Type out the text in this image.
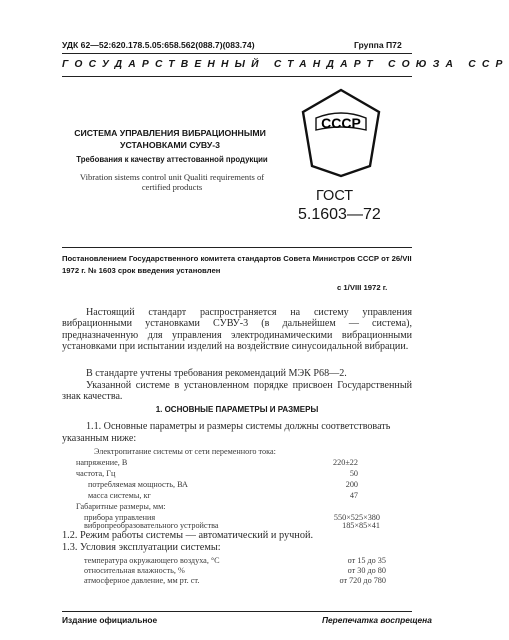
УДК 62—52:620.178.5.05:658.562(088.7)(083.74)	Группа П72
ГОСУДАРСТВЕННЫЙ СТАНДАРТ СОЮЗА ССР
СИСТЕМА УПРАВЛЕНИЯ ВИБРАЦИОННЫМИ УСТАНОВКАМИ СУВУ-3
Требования к качеству аттестованной продукции
Vibration sistems control unit Qualiti requirements of certified products
СССР
ГОСТ
5.1603—72
Постановлением Государственного комитета стандартов Совета Министров СССР от 26/VII 1972 г. № 1603 срок введения установлен
с 1/VIII 1972 г.
Настоящий стандарт распространяется на систему управления вибрационными установками СУВУ-3 (в дальнейшем — система), предназначенную для управления электродинамическими вибрационными установками при испытании изделий на воздействие синусоидальной вибрации.
В стандарте учтены требования рекомендаций МЭК Р68—2.
Указанной системе в установленном порядке присвоен Государственный знак качества.
1. ОСНОВНЫЕ ПАРАМЕТРЫ И РАЗМЕРЫ
1.1. Основные параметры и размеры системы должны соответствовать указанным ниже:
Электропитание системы от сети переменного тока:
напряжение, В	220±22
частота, Гц	50
потребляемая мощность, ВА	200
масса системы, кг	47
Габаритные размеры, мм:
прибора управления	550×525×380
вибропреобразовательного устройства	185×85×41
1.2. Режим работы системы — автоматический и ручной.
1.3. Условия эксплуатации системы:
температура окружающего воздуха, °С	от 15 до 35
относительная влажность, %	от 30 до 80
атмосферное давление, мм рт. ст.	от 720 до 780
Издание официальное	Перепечатка воспрещена
